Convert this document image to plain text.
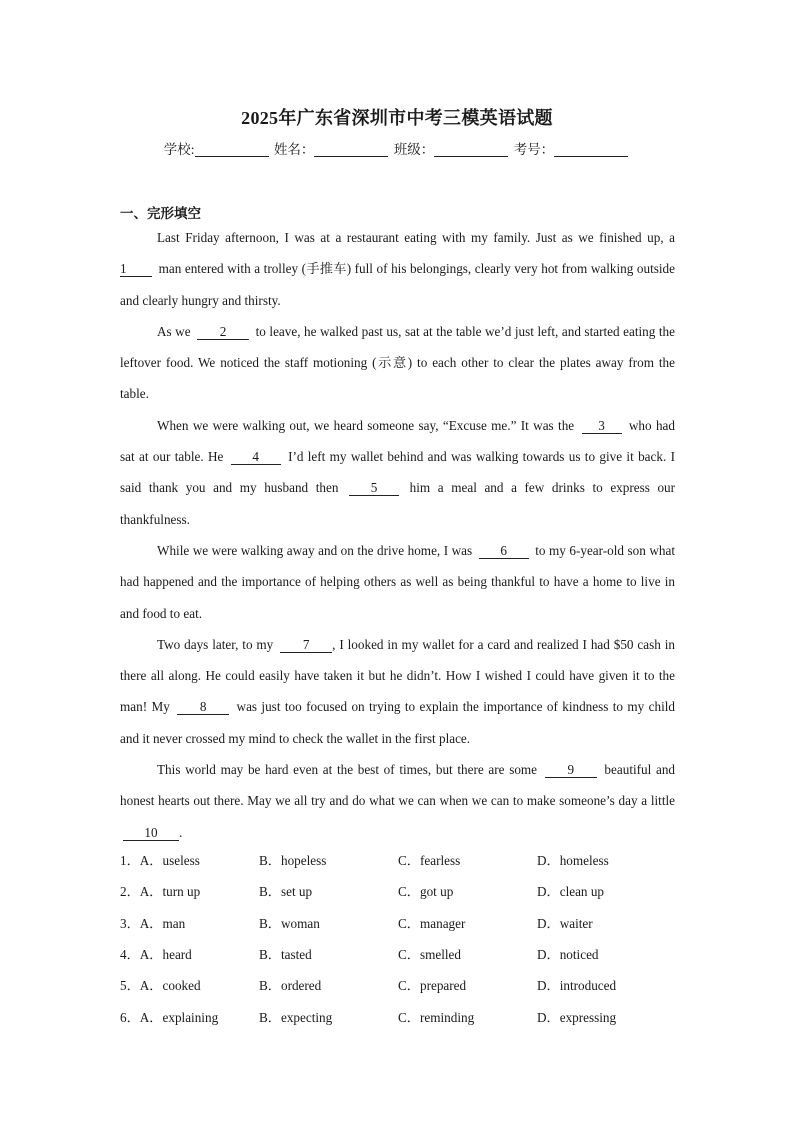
2025年广东省深圳市中考三模英语试题
学校:	姓名：	班级：	考号：
一、完形填空

Last Friday afternoon, I was at a restaurant eating with my family. Just as we finished up, a 1 man entered with a trolley (手推车) full of his belongings, clearly very hot from walking outside and clearly hungry and thirsty.

As we 2 to leave, he walked past us, sat at the table we’d just left, and started eating the leftover food. We noticed the staff motioning (示意) to each other to clear the plates away from the table.

When we were walking out, we heard someone say, “Excuse me.” It was the 3 who had sat at our table. He 4 I’d left my wallet behind and was walking towards us to give it back. I said thank you and my husband then 5 him a meal and a few drinks to express our thankfulness.

While we were walking away and on the drive home, I was 6 to my 6-year-old son what had happened and the importance of helping others as well as being thankful to have a home to live in and food to eat.

Two days later, to my 7 , I looked in my wallet for a card and realized I had $50 cash in there all along. He could easily have taken it but he didn’t. How I wished I could have given it to the man! My 8 was just too focused on trying to explain the importance of kindness to my child and it never crossed my mind to check the wallet in the first place.

This world may be hard even at the best of times, but there are some 9 beautiful and honest hearts out there. May we all try and do what we can when we can to make someone’s day a little 10 .

1．A．useless	B．hopeless	C．fearless	D．homeless
2．A．turn up	B．set up	C．got up	D．clean up
3．A．man	B．woman	C．manager	D．waiter
4．A．heard	B．tasted	C．smelled	D．noticed
5．A．cooked	B．ordered	C．prepared	D．introduced
6．A．explaining	B．expecting	C．reminding	D．expressing
